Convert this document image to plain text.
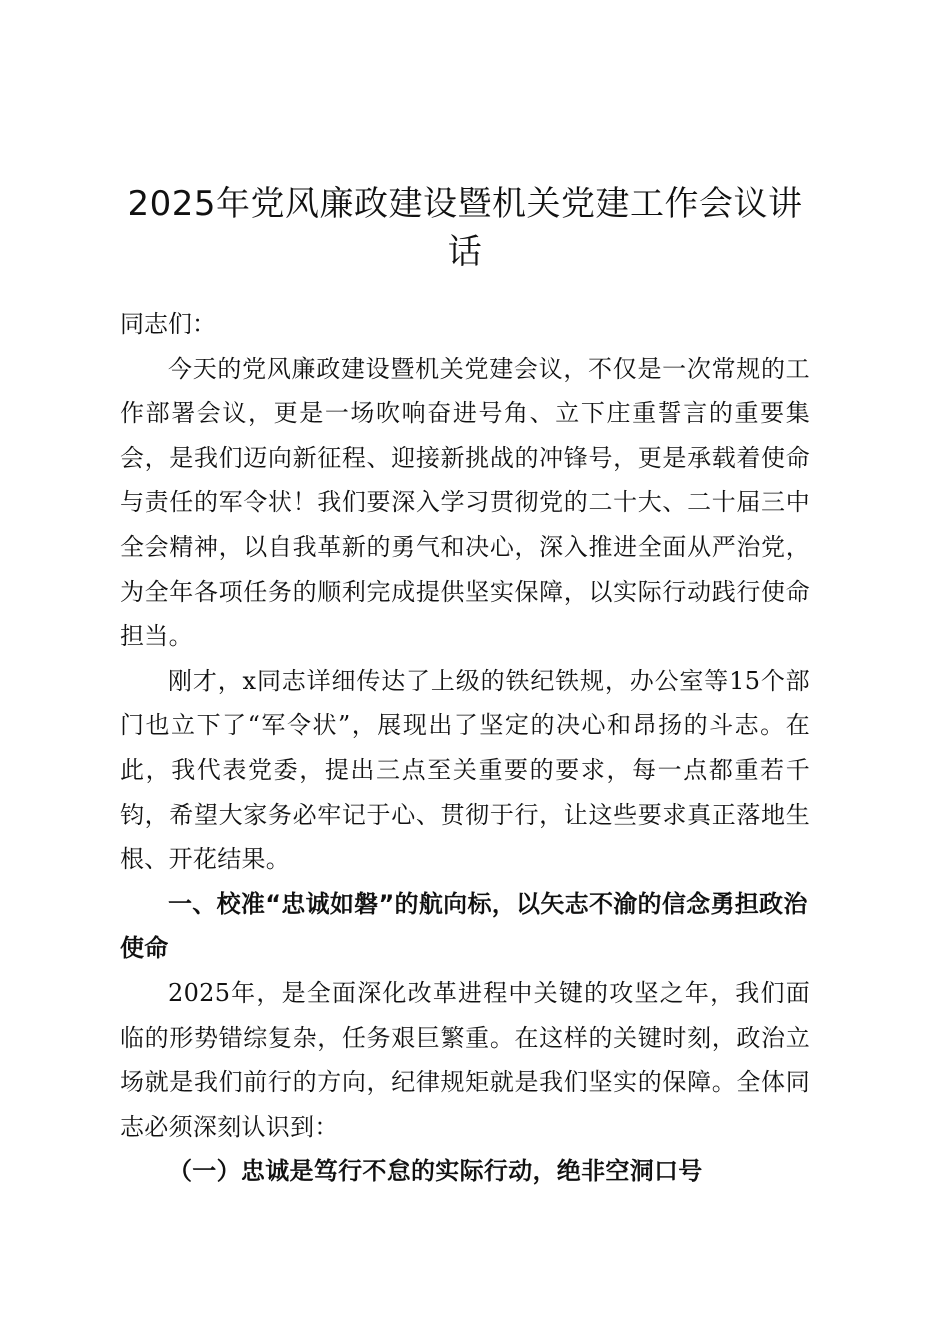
2025年党风廉政建设暨机关党建工作会议讲话

同志们：

今天的党风廉政建设暨机关党建会议，不仅是一次常规的工作部署会议，更是一场吹响奋进号角、立下庄重誓言的重要集会，是我们迈向新征程、迎接新挑战的冲锋号，更是承载着使命与责任的军令状！我们要深入学习贯彻党的二十大、二十届三中全会精神，以自我革新的勇气和决心，深入推进全面从严治党，为全年各项任务的顺利完成提供坚实保障，以实际行动践行使命担当。

刚才，x同志详细传达了上级的铁纪铁规，办公室等15个部门也立下了“军令状”，展现出了坚定的决心和昂扬的斗志。在此，我代表党委，提出三点至关重要的要求，每一点都重若千钧，希望大家务必牢记于心、贯彻于行，让这些要求真正落地生根、开花结果。

一、校准“忠诚如磐”的航向标，以矢志不渝的信念勇担政治使命

2025年，是全面深化改革进程中关键的攻坚之年，我们面临的形势错综复杂，任务艰巨繁重。在这样的关键时刻，政治立场就是我们前行的方向，纪律规矩就是我们坚实的保障。全体同志必须深刻认识到：

（一）忠诚是笃行不怠的实际行动，绝非空洞口号
